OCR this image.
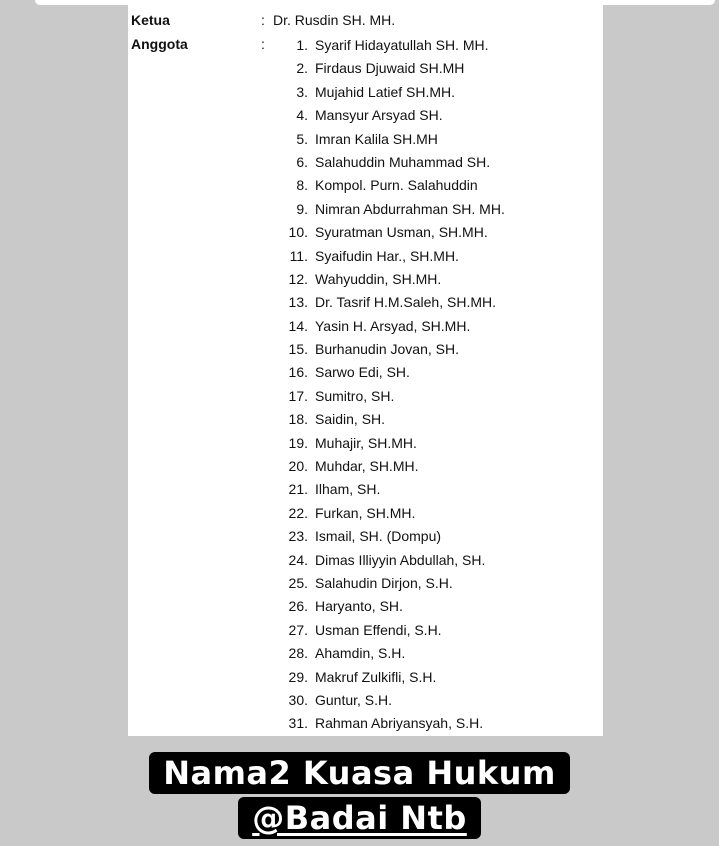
Ketua	: Dr. Rusdin SH. MH.
Anggota	:	1. Syarif Hidayatullah SH. MH.
2. Firdaus Djuwaid SH.MH
3. Mujahid Latief SH.MH.
4. Mansyur Arsyad SH.
5. Imran Kalila SH.MH
6. Salahuddin Muhammad SH.
8. Kompol. Purn. Salahuddin
9. Nimran Abdurrahman SH. MH.
10. Syuratman Usman, SH.MH.
11. Syaifudin Har., SH.MH.
12. Wahyuddin, SH.MH.
13. Dr. Tasrif H.M.Saleh, SH.MH.
14. Yasin H. Arsyad, SH.MH.
15. Burhanudin Jovan, SH.
16. Sarwo Edi, SH.
17. Sumitro, SH.
18. Saidin, SH.
19. Muhajir, SH.MH.
20. Muhdar, SH.MH.
21. Ilham, SH.
22. Furkan, SH.MH.
23. Ismail, SH. (Dompu)
24. Dimas Illiyyin Abdullah, SH.
25. Salahudin Dirjon, S.H.
26. Haryanto, SH.
27. Usman Effendi, S.H.
28. Ahamdin, S.H.
29. Makruf Zulkifli, S.H.
30. Guntur, S.H.
31. Rahman Abriyansyah, S.H.
Nama2 Kuasa Hukum
@Badai Ntb
